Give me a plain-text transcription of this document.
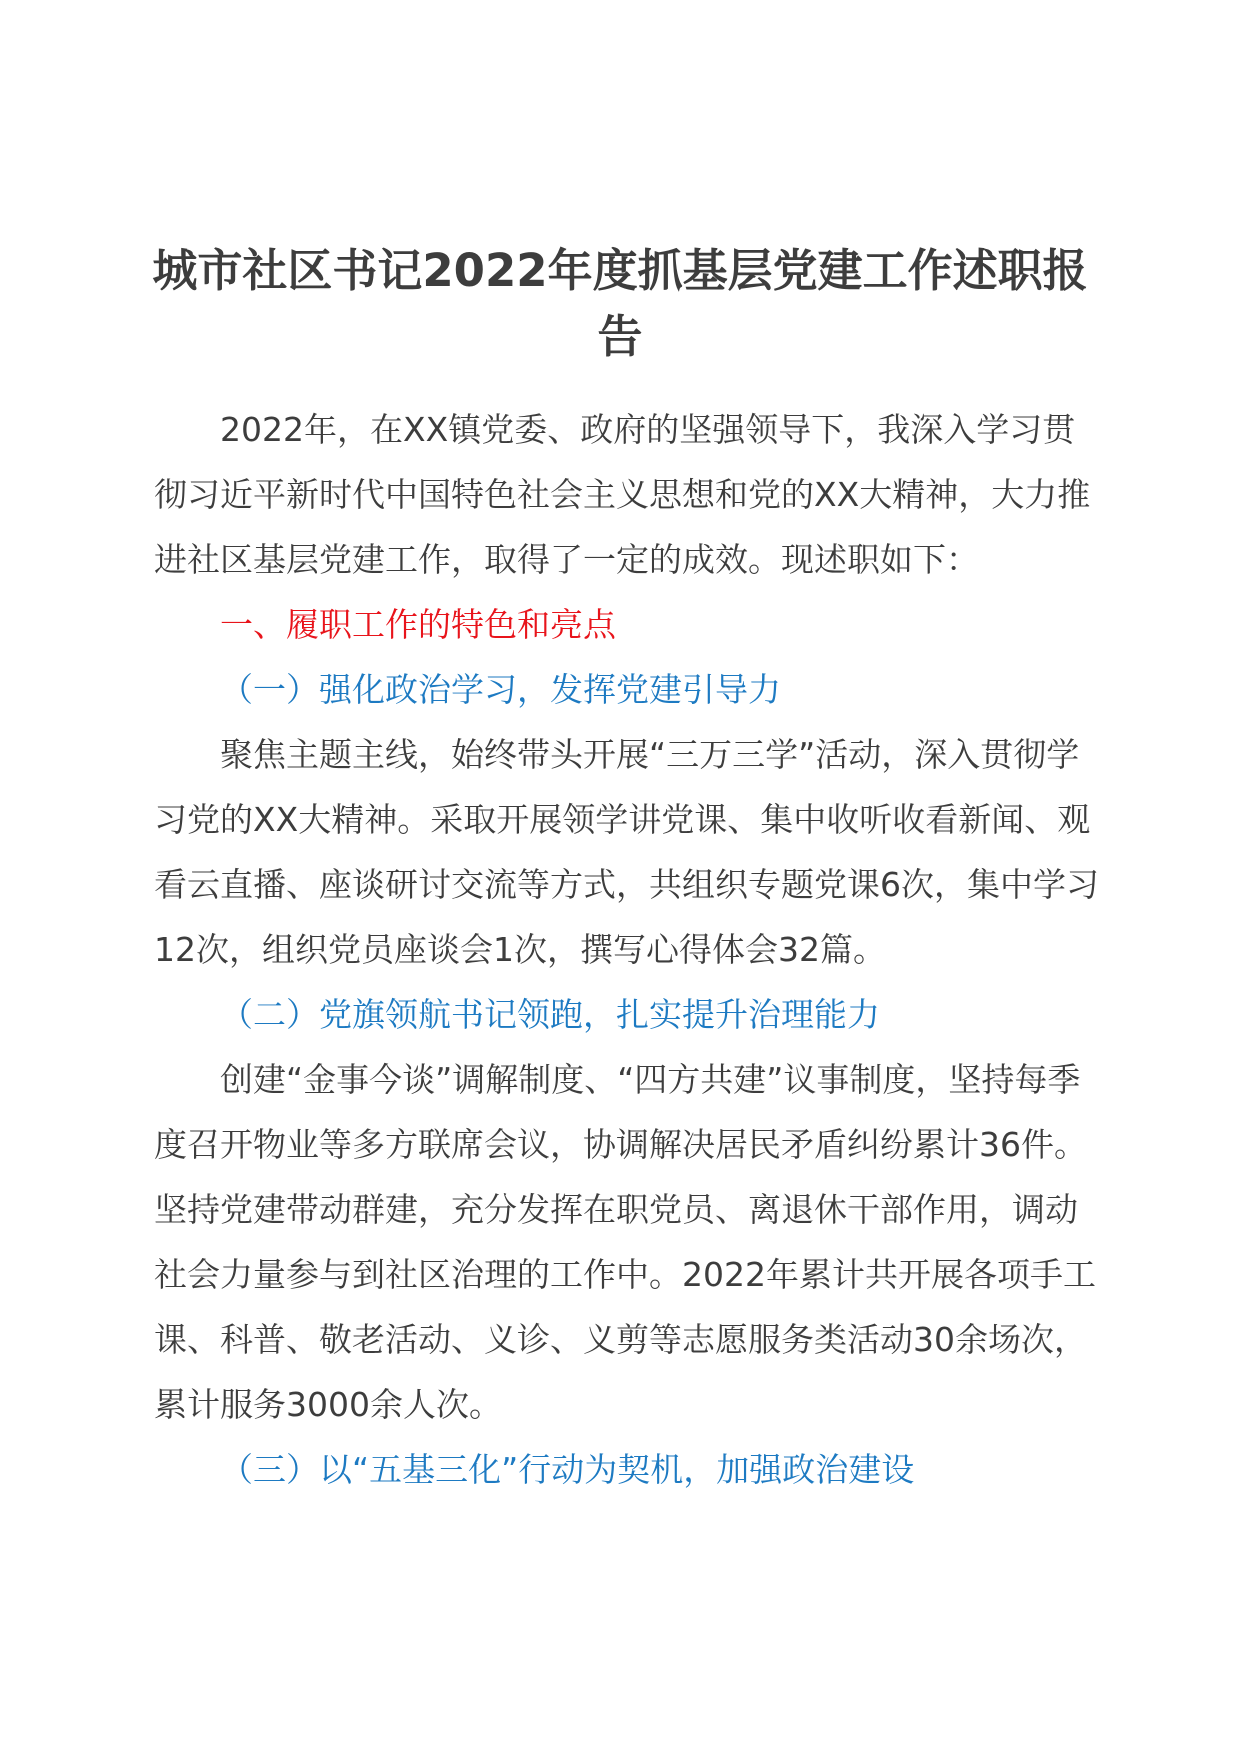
城市社区书记2022年度抓基层党建工作述职报告

2022年，在XX镇党委、政府的坚强领导下，我深入学习贯彻习近平新时代中国特色社会主义思想和党的XX大精神，大力推进社区基层党建工作，取得了一定的成效。现述职如下：

一、履职工作的特色和亮点

（一）强化政治学习，发挥党建引导力

聚焦主题主线，始终带头开展“三万三学”活动，深入贯彻学习党的XX大精神。采取开展领学讲党课、集中收听收看新闻、观看云直播、座谈研讨交流等方式，共组织专题党课6次，集中学习12次，组织党员座谈会1次，撰写心得体会32篇。

（二）党旗领航书记领跑，扎实提升治理能力

创建“金事今谈”调解制度、“四方共建”议事制度，坚持每季度召开物业等多方联席会议，协调解决居民矛盾纠纷累计36件。坚持党建带动群建，充分发挥在职党员、离退休干部作用，调动社会力量参与到社区治理的工作中。2022年累计共开展各项手工课、科普、敬老活动、义诊、义剪等志愿服务类活动30余场次，累计服务3000余人次。

（三）以“五基三化”行动为契机，加强政治建设
